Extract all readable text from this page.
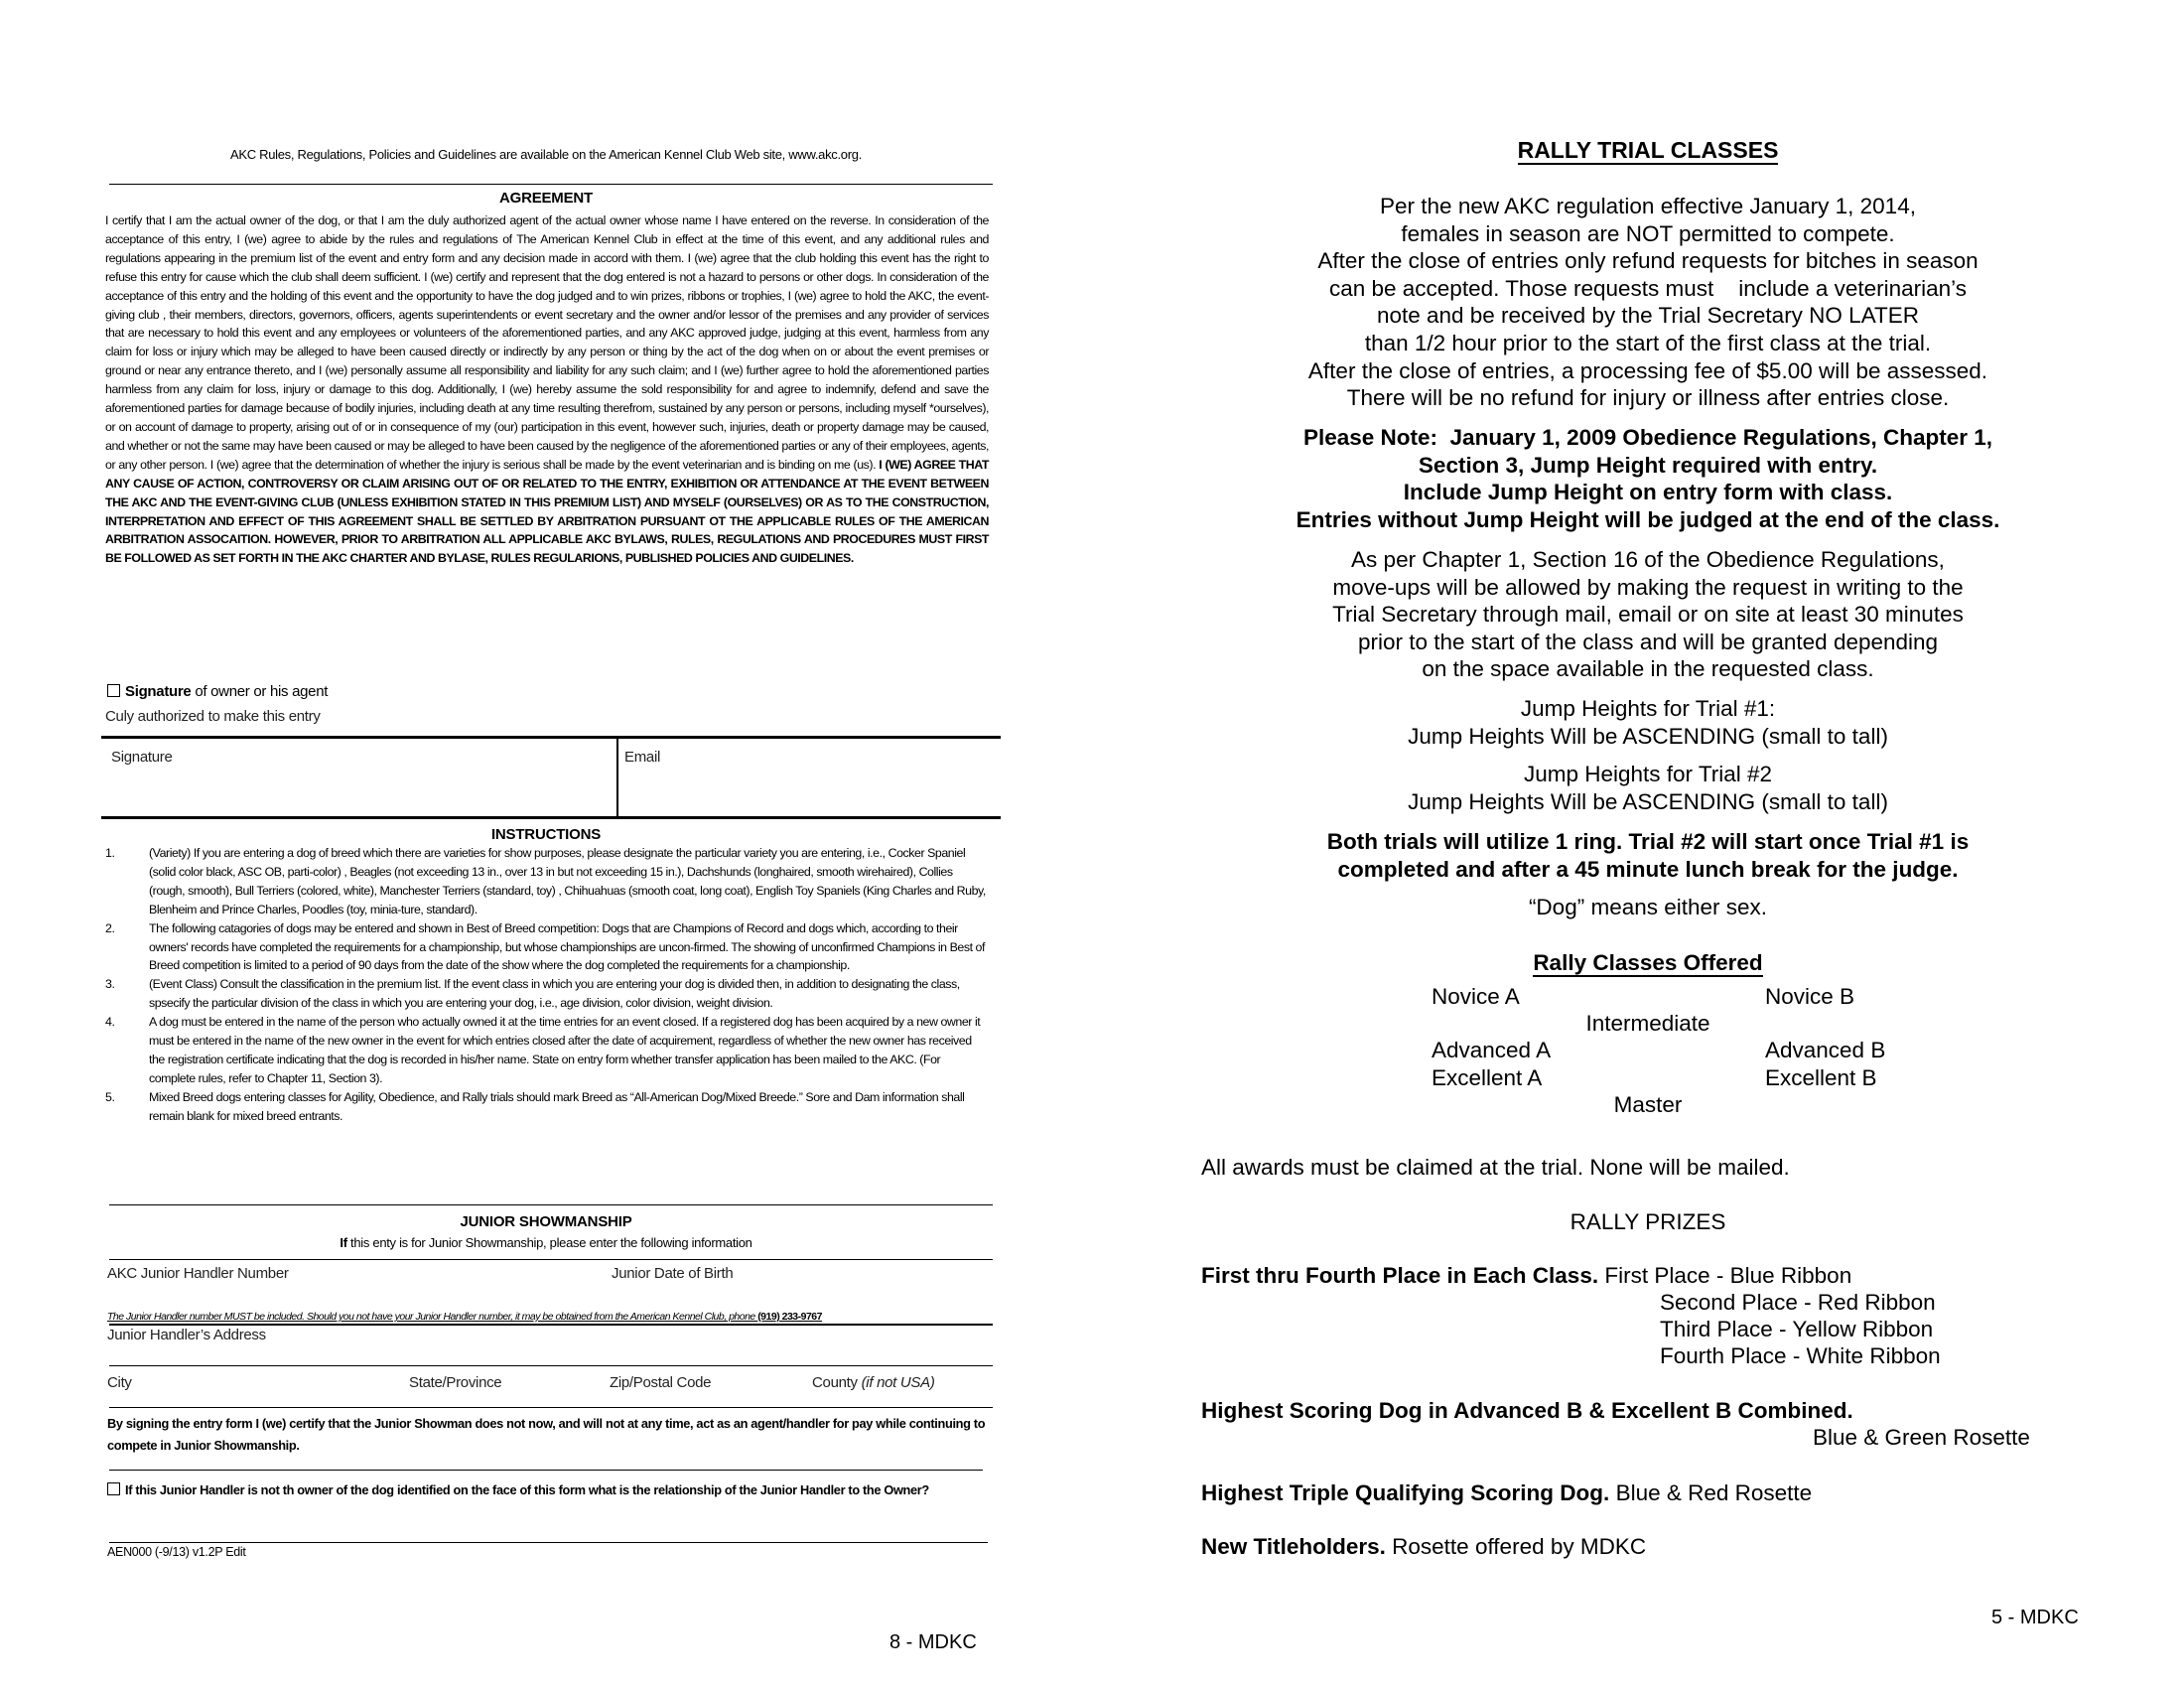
AKC Rules, Regulations, Policies and Guidelines are available on the American Kennel Club Web site, www.akc.org.
AGREEMENT
I certify that I am the actual owner of the dog, or that I am the duly authorized agent of the actual owner whose name I have entered on the reverse. In consideration of the acceptance of this entry, I (we) agree to abide by the rules and regulations of The American Kennel Club in effect at the time of this event, and any additional rules and regulations appearing in the premium list of the event and entry form and any decision made in accord with them. I (we) agree that the club holding this event has the right to refuse this entry for cause which the club shall deem sufficient. I (we) certify and represent that the dog entered is not a hazard to persons or other dogs. In consideration of the acceptance of this entry and the holding of this event and the opportunity to have the dog judged and to win prizes, ribbons or trophies, I (we) agree to hold the AKC, the event-giving club , their members, directors, governors, officers, agents superintendents or event secretary and the owner and/or lessor of the premises and any provider of services that are necessary to hold this event and any employees or volunteers of the aforementioned parties, and any AKC approved judge, judging at this event, harmless from any claim for loss or injury which may be alleged to have been caused directly or indirectly by any person or thing by the act of the dog when on or about the event premises or ground or near any entrance thereto, and I (we) personally assume all responsibility and liability for any such claim; and I (we) further agree to hold the aforementioned parties harmless from any claim for loss, injury or damage to this dog. Additionally, I (we) hereby assume the sold responsibility for and agree to indemnify, defend and save the aforementioned parties for damage because of bodily injuries, including death at any time resulting therefrom, sustained by any person or persons, including myself *ourselves), or on account of damage to property, arising out of or in consequence of my (our) participation in this event, however such, injuries, death or property damage may be caused, and whether or not the same may have been caused or may be alleged to have been caused by the negligence of the aforementioned parties or any of their employees, agents, or any other person. I (we) agree that the determination of whether the injury is serious shall be made by the event veterinarian and is binding on me (us). I (WE) AGREE THAT ANY CAUSE OF ACTION, CONTROVERSY OR CLAIM ARISING OUT OF OR RELATED TO THE ENTRY, EXHIBITION OR ATTENDANCE AT THE EVENT BETWEEN THE AKC AND THE EVENT-GIVING CLUB (UNLESS EXHIBITION STATED IN THIS PREMIUM LIST) AND MYSELF (OURSELVES) OR AS TO THE CONSTRUCTION, INTERPRETATION AND EFFECT OF THIS AGREEMENT SHALL BE SETTLED BY ARBITRATION PURSUANT OT THE APPLICABLE RULES OF THE AMERICAN ARBITRATION ASSOCAITION. HOWEVER, PRIOR TO ARBITRATION ALL APPLICABLE AKC BYLAWS, RULES, REGULATIONS AND PROCEDURES MUST FIRST BE FOLLOWED AS SET FORTH IN THE AKC CHARTER AND BYLASE, RULES REGULARIONS, PUBLISHED POLICIES AND GUIDELINES.
Signature of owner or his agent
Culy authorized to make this entry
Signature	Email
INSTRUCTIONS
1.	(Variety) If you are entering a dog of breed which there are varieties for show purposes, please designate the particular variety you are entering, i.e., Cocker Spaniel (solid color black, ASC OB, parti-color) , Beagles (not exceeding 13 in., over 13 in but not exceeding 15 in.), Dachshunds (longhaired, smooth wirehaired), Collies (rough, smooth), Bull Terriers (colored, white), Manchester Terriers (standard, toy) , Chihuahuas (smooth coat, long coat), English Toy Spaniels (King Charles and Ruby, Blenheim and Prince Charles, Poodles (toy, minia-ture, standard).
2.	The following catagories of dogs may be entered and shown in Best of Breed competition: Dogs that are Champions of Record and dogs which, according to their owners' records have completed the requirements for a championship, but whose championships are uncon-firmed. The showing of unconfirmed Champions in Best of Breed competition is limited to a period of 90 days from the date of the show where the dog completed the requirements for a championship.
3.	(Event Class) Consult the classification in the premium list. If the event class in which you are entering your dog is divided then, in addition to designating the class, spsecify the particular division of the class in which you are entering your dog, i.e., age division, color division, weight division.
4.	A dog must be entered in the name of the person who actually owned it at the time entries for an event closed. If a registered dog has been acquired by a new owner it must be entered in the name of the new owner in the event for which entries closed after the date of acquirement, regardless of whether the new owner has received the registration certificate indicating that the dog is recorded in his/her name. State on entry form whether transfer application has been mailed to the AKC. (For complete rules, refer to Chapter 11, Section 3).
5.	Mixed Breed dogs entering classes for Agility, Obedience, and Rally trials should mark Breed as “All-American Dog/Mixed Breede.” Sore and Dam information shall remain blank for mixed breed entrants.
JUNIOR SHOWMANSHIP
If this enty is for Junior Showmanship, please enter the following information
AKC Junior Handler Number	Junior Date of Birth
The Junior Handler number MUST be included. Should you not have your Junior Handler number, it may be obtained from the American Kennel Club, phone (919) 233-9767
Junior Handler’s Address
City	State/Province	Zip/Postal Code	County (if not USA)
By signing the entry form I (we) certify that the Junior Showman does not now, and will not at any time, act as an agent/handler for pay while continuing to compete in Junior Showmanship.
If this Junior Handler is not th owner of the dog identified on the face of this form what is the relationship of the Junior Handler to the Owner?
AEN000 (-9/13) v1.2P Edit
8 - MDKC
RALLY TRIAL CLASSES
Per the new AKC regulation effective January 1, 2014,
females in season are NOT permitted to compete.
After the close of entries only refund requests for bitches in season
can be accepted. Those requests must    include a veterinarian’s
note and be received by the Trial Secretary NO LATER
than 1/2 hour prior to the start of the first class at the trial.
After the close of entries, a processing fee of $5.00 will be assessed.
There will be no refund for injury or illness after entries close.
Please Note:  January 1, 2009 Obedience Regulations, Chapter 1,
Section 3, Jump Height required with entry.
Include Jump Height on entry form with class.
Entries without Jump Height will be judged at the end of the class.
As per Chapter 1, Section 16 of the Obedience Regulations,
move-ups will be allowed by making the request in writing to the
Trial Secretary through mail, email or on site at least 30 minutes
prior to the start of the class and will be granted depending
on the space available in the requested class.
Jump Heights for Trial #1:
Jump Heights Will be ASCENDING (small to tall)
Jump Heights for Trial #2
Jump Heights Will be ASCENDING (small to tall)
Both trials will utilize 1 ring. Trial #2 will start once Trial #1 is
completed and after a 45 minute lunch break for the judge.
“Dog” means either sex.
Rally Classes Offered
Novice A	Novice B
Intermediate
Advanced A	Advanced B
Excellent A	Excellent B
Master
All awards must be claimed at the trial. None will be mailed.
RALLY PRIZES
First thru Fourth Place in Each Class. First Place - Blue Ribbon
Second Place - Red Ribbon
Third Place - Yellow Ribbon
Fourth Place - White Ribbon
Highest Scoring Dog in Advanced B & Excellent B Combined.
Blue & Green Rosette
Highest Triple Qualifying Scoring Dog. Blue & Red Rosette
New Titleholders. Rosette offered by MDKC
5 - MDKC
